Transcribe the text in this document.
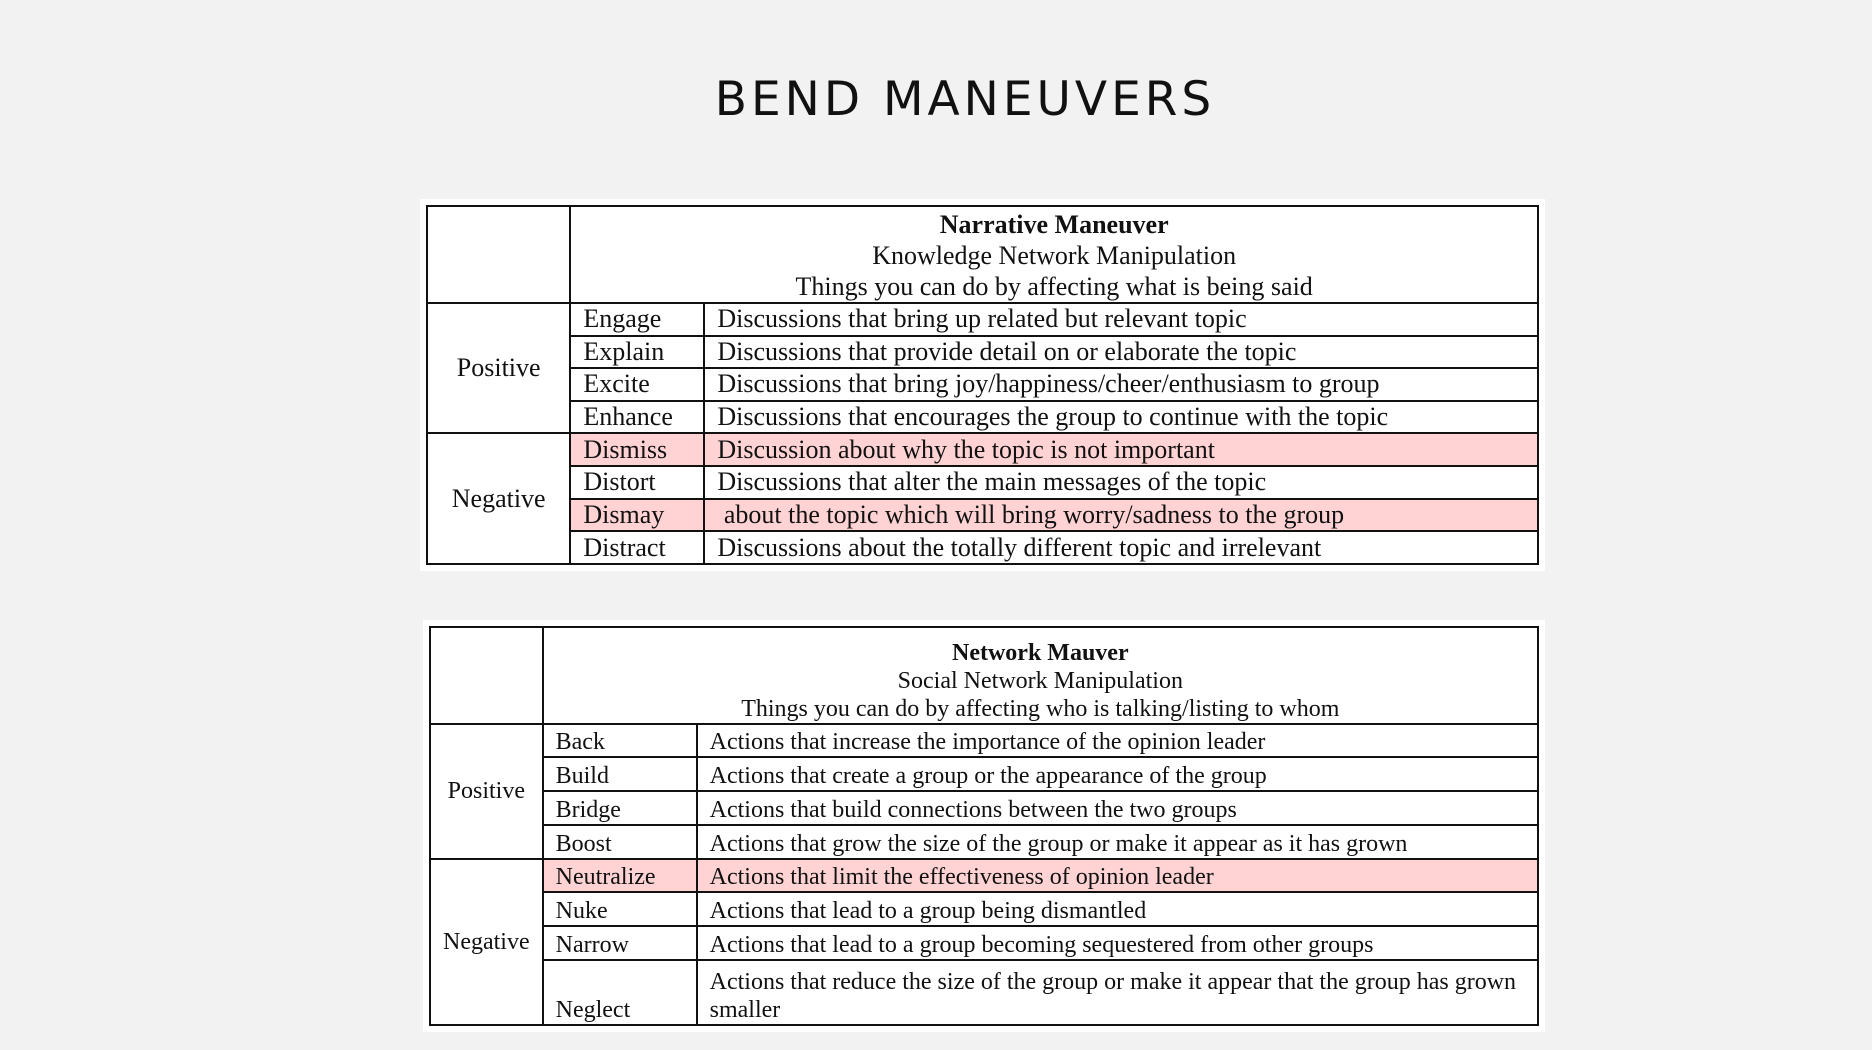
BEND MANEUVERS

	Narrative Maneuver
Knowledge Network Manipulation
Things you can do by affecting what is being said	

Positive	Engage	Discussions that bring up related but relevant topic
	Explain	Discussions that provide detail on or elaborate the topic
	Excite	Discussions that bring joy/happiness/cheer/enthusiasm to group
	Enhance	Discussions that encourages the group to continue with the topic
Negative	Dismiss	Discussion about why the topic is not important
	Distort	Discussions that alter the main messages of the topic
	Dismay	about the topic which will bring worry/sadness to the group
	Distract	Discussions about the totally different topic and irrelevant

	Network Mauver
Social Network Manipulation
Things you can do by affecting who is talking/listing to whom	

Positive	Back	Actions that increase the importance of the opinion leader
	Build	Actions that create a group or the appearance of the group
	Bridge	Actions that build connections between the two groups
	Boost	Actions that grow the size of the group or make it appear as it has grown
Negative	Neutralize	Actions that limit the effectiveness of opinion leader
	Nuke	Actions that lead to a group being dismantled
	Narrow	Actions that lead to a group becoming sequestered from other groups
	Neglect	Actions that reduce the size of the group or make it appear that the group has grown smaller
